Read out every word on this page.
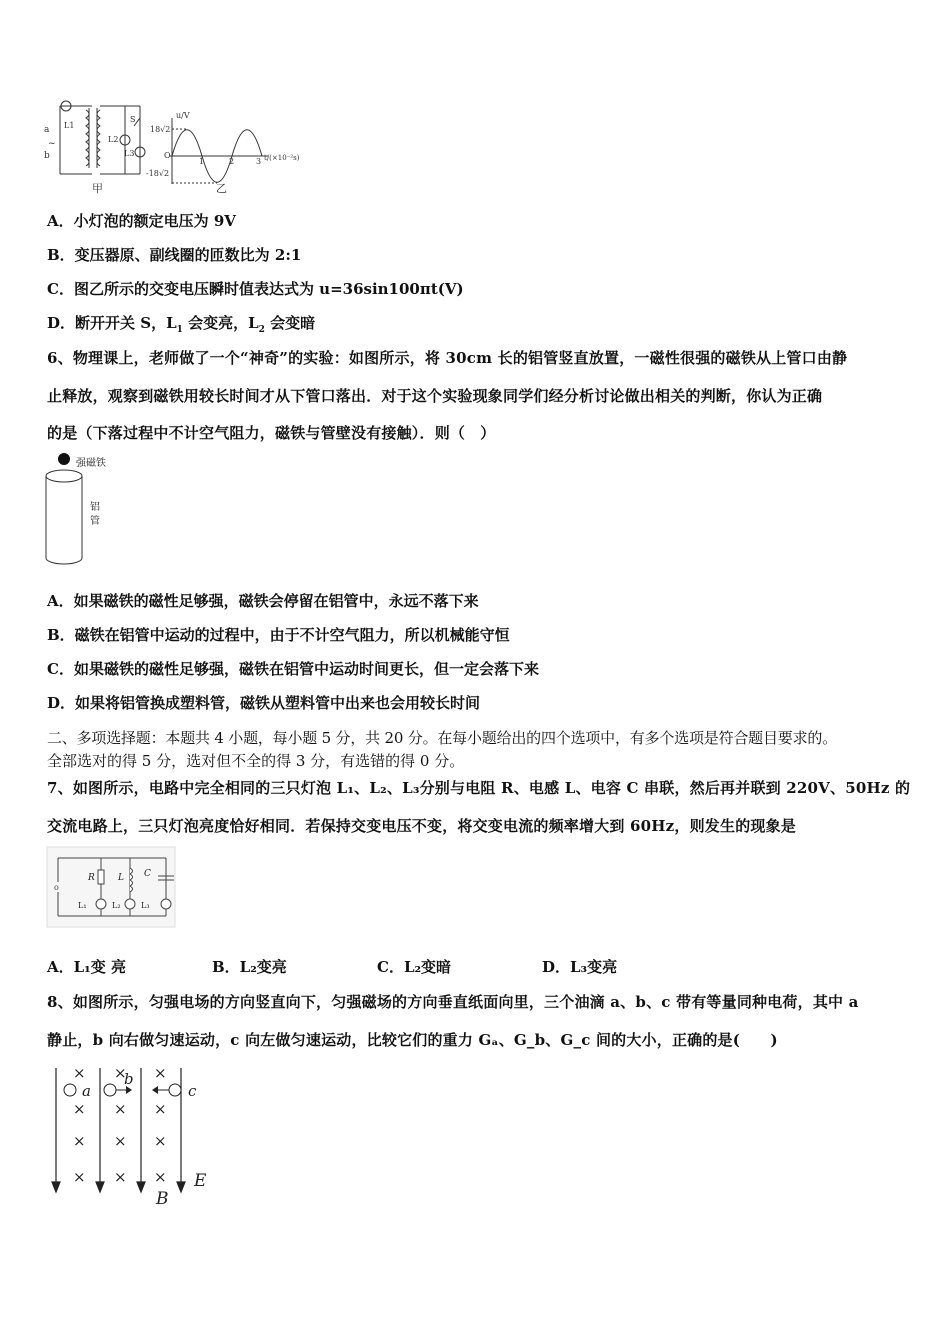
a
b
~
L1
L2
L3
S
甲
u/V
18√2
-18√2
O
1	2	3 t/(×10⁻²s)
乙
A．小灯泡的额定电压为 9V
B．变压器原、副线圈的匝数比为 2:1
C．图乙所示的交变电压瞬时值表达式为 u=36sin100πt(V)
D．断开开关 S，$L_1$ 会变亮，$L_2$ 会变暗
6、物理课上，老师做了一个“神奇”的实验：如图所示，将 30cm 长的铝管竖直放置，一磁性很强的磁铁从上管口由静
止释放，观察到磁铁用较长时间才从下管口落出．对于这个实验现象同学们经分析讨论做出相关的判断，你认为正确
的是（下落过程中不计空气阻力，磁铁与管壁没有接触）．则（　）
强磁铁
铝
管
A．如果磁铁的磁性足够强，磁铁会停留在铝管中，永远不落下来
B．磁铁在铝管中运动的过程中，由于不计空气阻力，所以机械能守恒
C．如果磁铁的磁性足够强，磁铁在铝管中运动时间更长，但一定会落下来
D．如果将铝管换成塑料管，磁铁从塑料管中出来也会用较长时间
二、多项选择题：本题共 4 小题，每小题 5 分，共 20 分。在每小题给出的四个选项中，有多个选项是符合题目要求的。
全部选对的得 5 分，选对但不全的得 3 分，有选错的得 0 分。
7、如图所示，电路中完全相同的三只灯泡 L₁、L₂、L₃分别与电阻 R、电感 L、电容 C 串联，然后再并联到 220V、50Hz 的
交流电路上，三只灯泡亮度恰好相同．若保持交变电压不变，将交变电流的频率增大到 60Hz，则发生的现象是
o
R	L C
L₁	L₂	L₃
A．L₁变 亮	B．L₂变亮	C．L₂变暗	D．L₃变亮
8、如图所示，匀强电场的方向竖直向下，匀强磁场的方向垂直纸面向里，三个油滴 a、b、c 带有等量同种电荷，其中 a
静止，b 向右做匀速运动，c 向左做匀速运动，比较它们的重力 Gₐ、G_b、G_c 间的大小，正确的是(　　)
× × ×
× × ×
× × ×
× × ×
a
b
c
E
B
